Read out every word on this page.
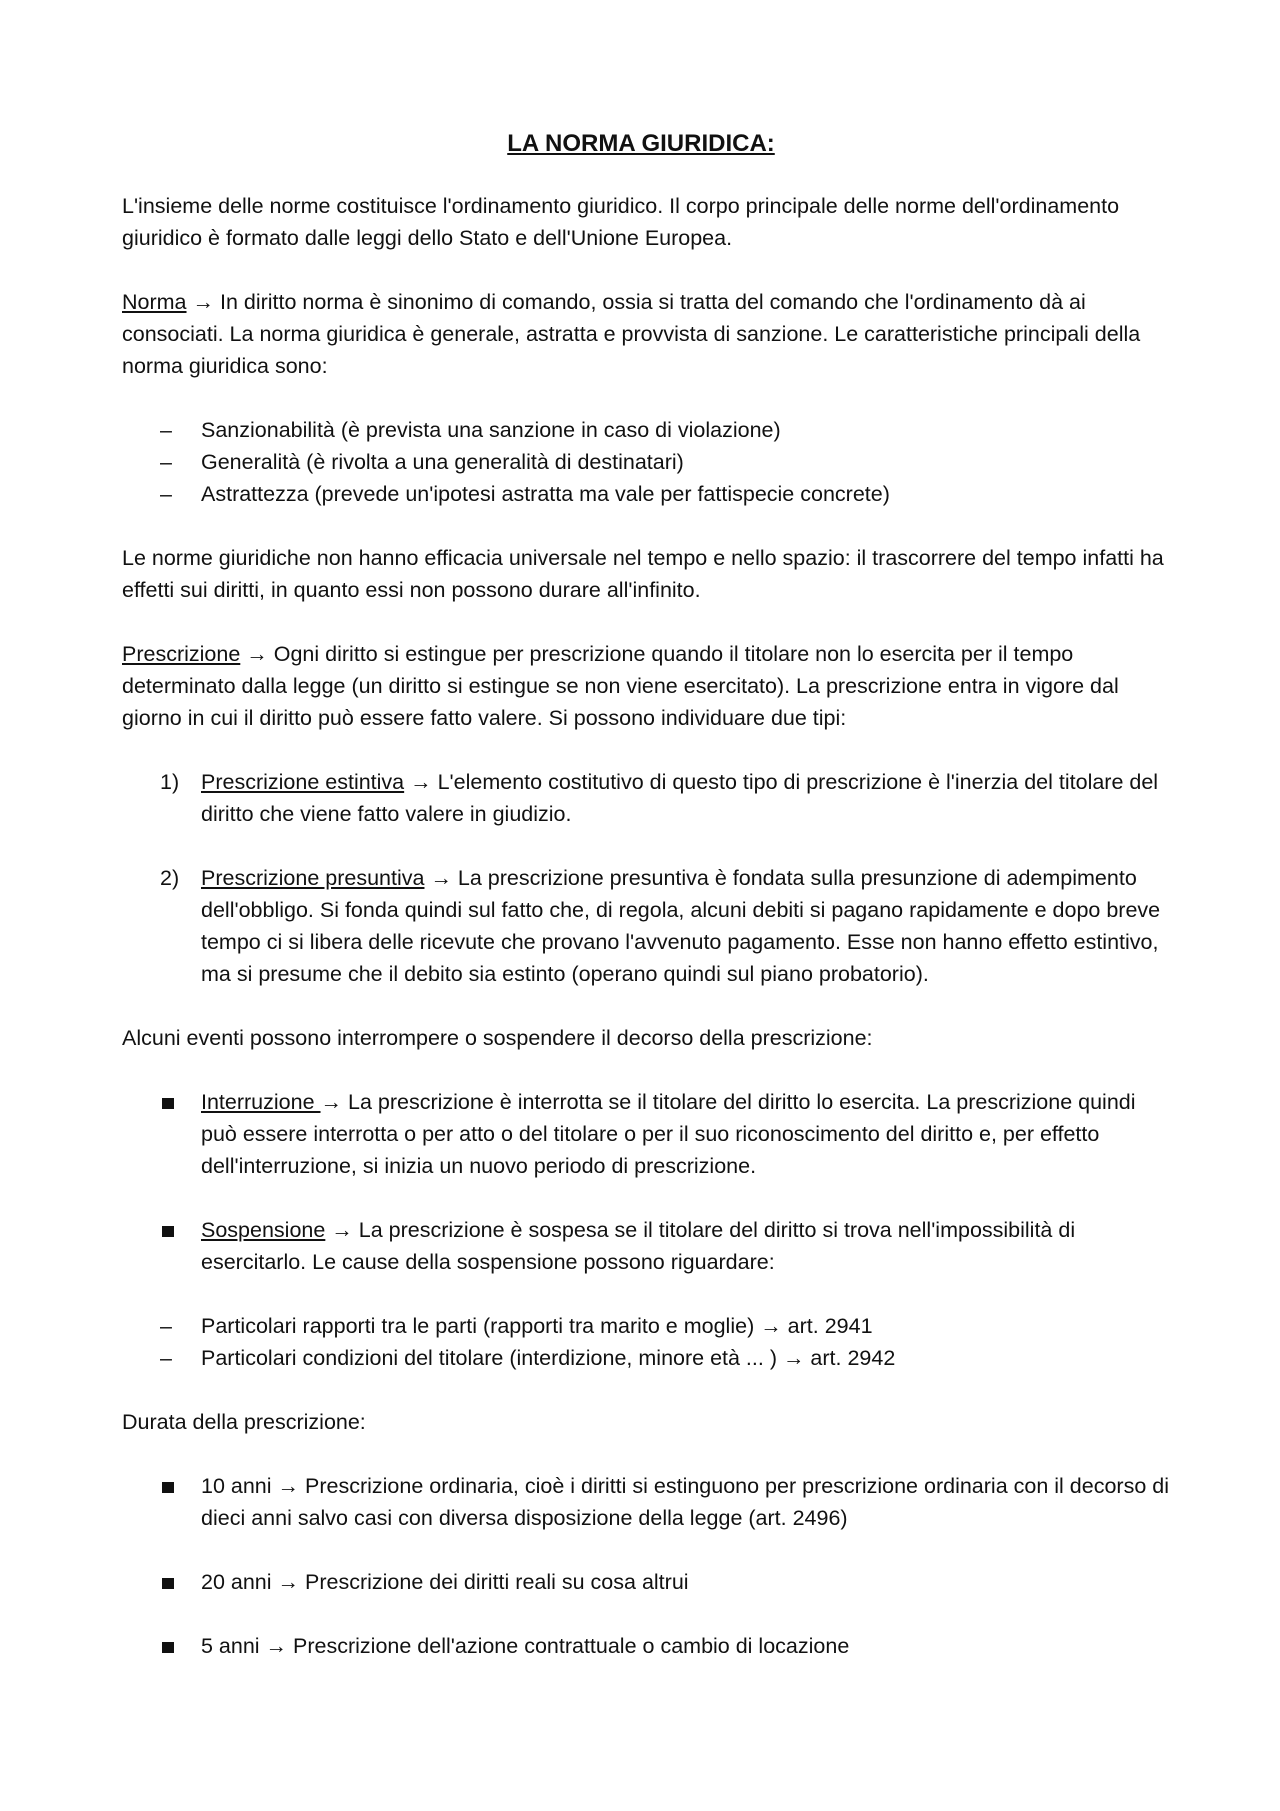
LA NORMA GIURIDICA:

L'insieme delle norme costituisce l'ordinamento giuridico. Il corpo principale delle norme dell'ordinamento giuridico è formato dalle leggi dello Stato e dell'Unione Europea.

Norma → In diritto norma è sinonimo di comando, ossia si tratta del comando che l'ordinamento dà ai consociati. La norma giuridica è generale, astratta e provvista di sanzione. Le caratteristiche principali della norma giuridica sono:

– Sanzionabilità (è prevista una sanzione in caso di violazione)
– Generalità (è rivolta a una generalità di destinatari)
– Astrattezza (prevede un'ipotesi astratta ma vale per fattispecie concrete)

Le norme giuridiche non hanno efficacia universale nel tempo e nello spazio: il trascorrere del tempo infatti ha effetti sui diritti, in quanto essi non possono durare all'infinito.

Prescrizione → Ogni diritto si estingue per prescrizione quando il titolare non lo esercita per il tempo determinato dalla legge (un diritto si estingue se non viene esercitato). La prescrizione entra in vigore dal giorno in cui il diritto può essere fatto valere. Si possono individuare due tipi:

1) Prescrizione estintiva → L'elemento costitutivo di questo tipo di prescrizione è l'inerzia del titolare del diritto che viene fatto valere in giudizio.
2) Prescrizione presuntiva → La prescrizione presuntiva è fondata sulla presunzione di adempimento dell'obbligo. Si fonda quindi sul fatto che, di regola, alcuni debiti si pagano rapidamente e dopo breve tempo ci si libera delle ricevute che provano l'avvenuto pagamento. Esse non hanno effetto estintivo, ma si presume che il debito sia estinto (operano quindi sul piano probatorio).

Alcuni eventi possono interrompere o sospendere il decorso della prescrizione:

Interruzione → La prescrizione è interrotta se il titolare del diritto lo esercita. La prescrizione quindi può essere interrotta o per atto o del titolare o per il suo riconoscimento del diritto e, per effetto dell'interruzione, si inizia un nuovo periodo di prescrizione.
Sospensione → La prescrizione è sospesa se il titolare del diritto si trova nell'impossibilità di esercitarlo. Le cause della sospensione possono riguardare:
– Particolari rapporti tra le parti (rapporti tra marito e moglie) → art. 2941
– Particolari condizioni del titolare (interdizione, minore età ... ) → art. 2942

Durata della prescrizione:

10 anni → Prescrizione ordinaria, cioè i diritti si estinguono per prescrizione ordinaria con il decorso di dieci anni salvo casi con diversa disposizione della legge (art. 2496)
20 anni → Prescrizione dei diritti reali su cosa altrui
5 anni → Prescrizione dell'azione contrattuale o cambio di locazione
